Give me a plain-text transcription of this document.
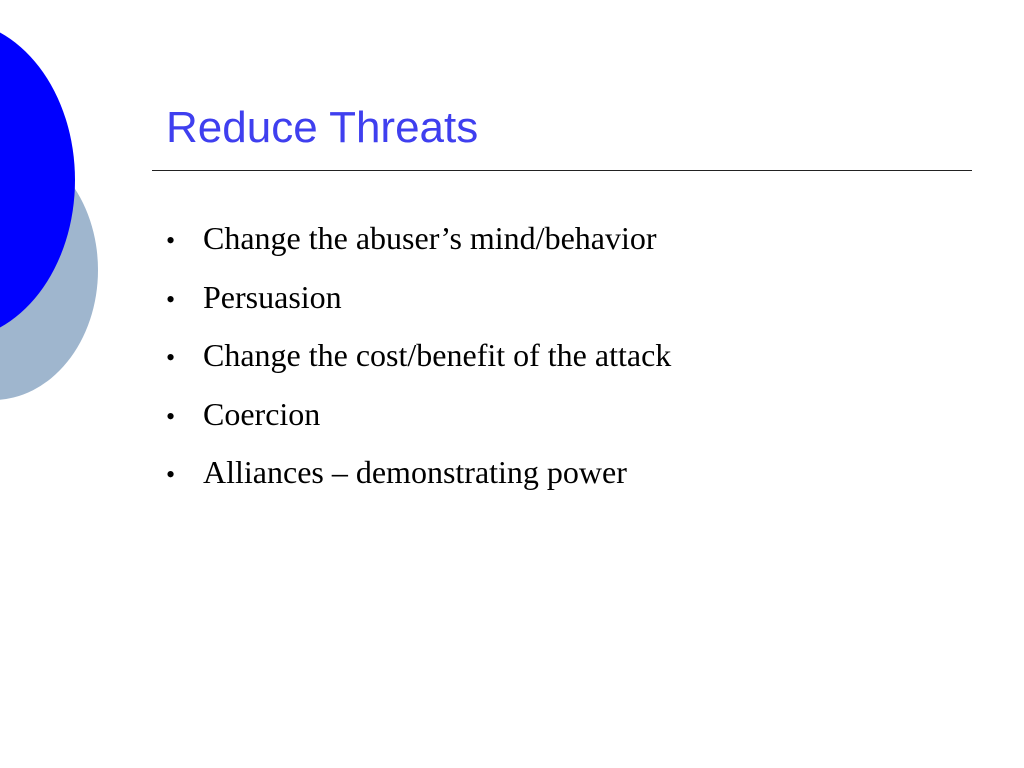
Reduce Threats
• Change the abuser’s mind/behavior
• Persuasion
• Change the cost/benefit of the attack
• Coercion
• Alliances – demonstrating power
